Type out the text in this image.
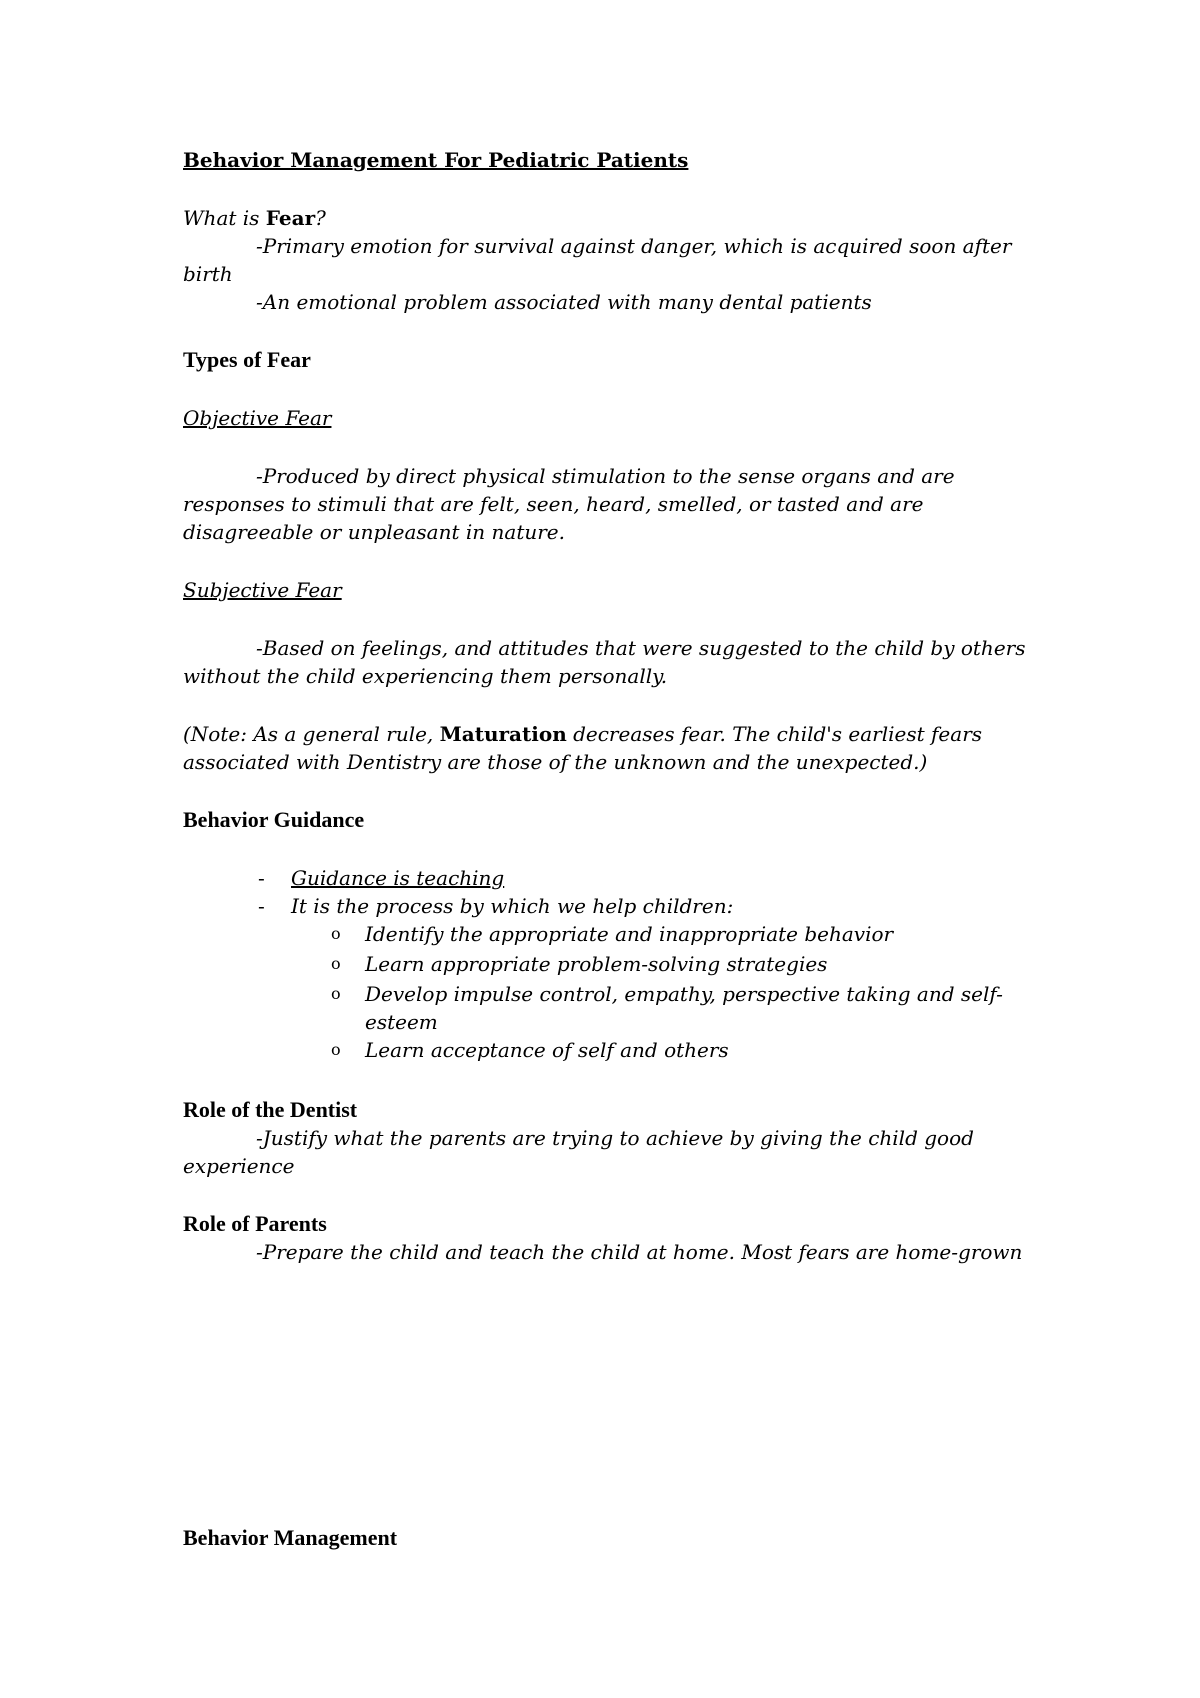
Behavior Management For Pediatric Patients
What is Fear?
-Primary emotion for survival against danger, which is acquired soon after
birth
-An emotional problem associated with many dental patients
Types of Fear
Objective Fear
-Produced by direct physical stimulation to the sense organs and are
responses to stimuli that are felt, seen, heard, smelled, or tasted and are
disagreeable or unpleasant in nature.
Subjective Fear
-Based on feelings, and attitudes that were suggested to the child by others
without the child experiencing them personally.
(Note: As a general rule, Maturation decreases fear. The child's earliest fears
associated with Dentistry are those of the unknown and the unexpected.)
Behavior Guidance
- Guidance is teaching
- It is the process by which we help children:
o Identify the appropriate and inappropriate behavior
o Learn appropriate problem-solving strategies
o Develop impulse control, empathy, perspective taking and self-
esteem
o Learn acceptance of self and others
Role of the Dentist
-Justify what the parents are trying to achieve by giving the child good
experience
Role of Parents
-Prepare the child and teach the child at home. Most fears are home-grown
Behavior Management
